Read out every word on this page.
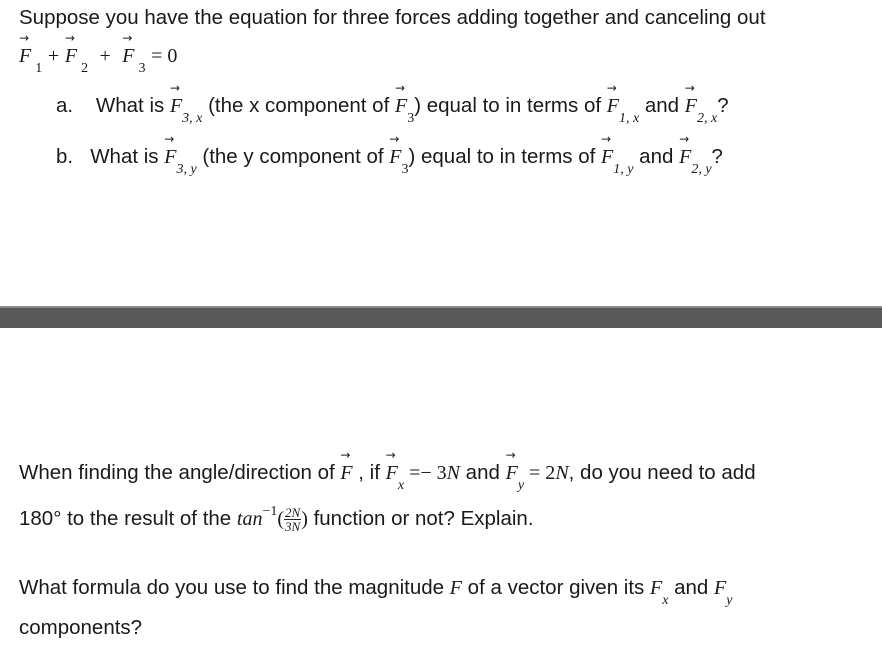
Suppose you have the equation for three forces adding together and canceling out
→ $F_1$ + → $F_2$  + → $F_3 = 0$
a. What is → $F_{3, x}$ (the x component of → $F_3$) equal to in terms of → $F_{1, x}$ and → $F_{2, x}$?
b. What is → $F_{3, y}$ (the y component of → $F_3$) equal to in terms of → $F_{1, y}$ and → $F_{2, y}$?
When finding the angle/direction of → F , if → $F_x =- 3N$ and → $F_y = 2N$, do you need to add
180° to the result of the $\tan^{-1}( \frac{2N}{3N}$ ) function or not? Explain.
What formula do you use to find the magnitude F of a vector given its $F_x$ and $F_y$
components?
